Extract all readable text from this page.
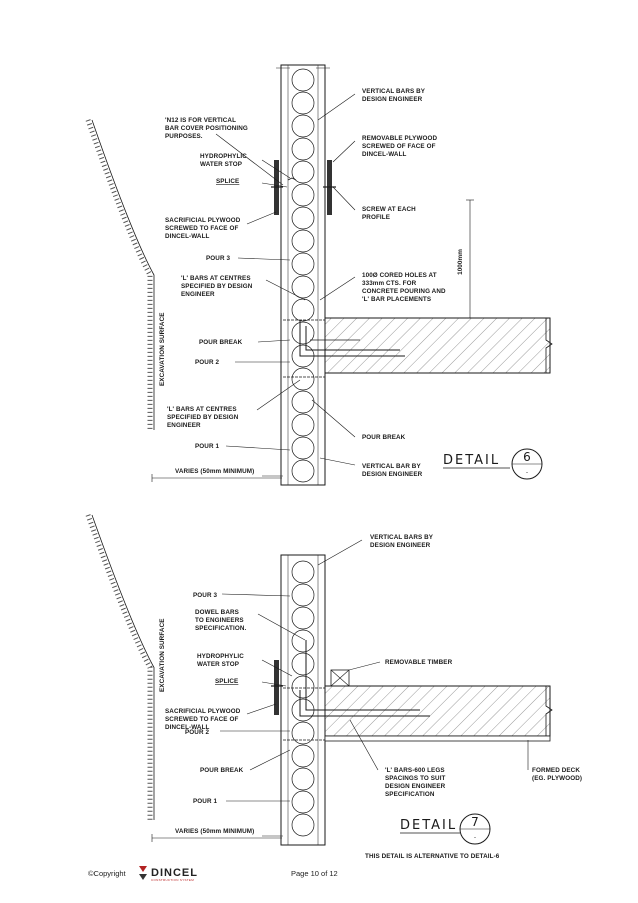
1000mm
VERTICAL BARS BY DESIGN ENGINEER
'N12 IS FOR VERTICAL BAR COVER POSITIONING PURPOSES.	REMOVABLE PLYWOOD SCREWED OF FACE OF DINCEL-WALL
HYDROPHYLIC WATER STOP
SPLICE
SCREW AT EACH PROFILE
SACRIFICIAL PLYWOOD SCREWED TO FACE OF DINCEL-WALL
POUR 3
'L' BARS AT CENTRES SPECIFIED BY DESIGN ENGINEER
100Ø CORED HOLES AT 333mm CTS. FOR CONCRETE POURING AND 'L' BAR PLACEMENTS
EXCAVATION SURFACE	POUR BREAK
POUR 2
'L' BARS AT CENTRES SPECIFIED BY DESIGN ENGINEER
POUR BREAK
POUR 1
VERTICAL BAR BY DESIGN ENGINEER
VARIES (50mm MINIMUM)
DETAIL 6
–
VERTICAL BARS BY DESIGN ENGINEER
POUR 3
DOWEL BARS TO ENGINEERS SPECIFICATION.
EXCAVATION SURFACE	HYDROPHYLIC WATER STOP	REMOVABLE TIMBER
SPLICE
SACRIFICIAL PLYWOOD SCREWED TO FACE OF DINCEL-WALL
POUR 2
POUR BREAK	'L' BARS-600 LEGS SPACINGS TO SUIT DESIGN ENGINEER SPECIFICATION
FORMED DECK (EG. PLYWOOD)
POUR 1
VARIES (50mm MINIMUM)	DETAIL 7
–
THIS DETAIL IS ALTERNATIVE TO DETAIL-6
©Copyright DINCEL
CONSTRUCTION SYSTEM
Page 10 of 12
